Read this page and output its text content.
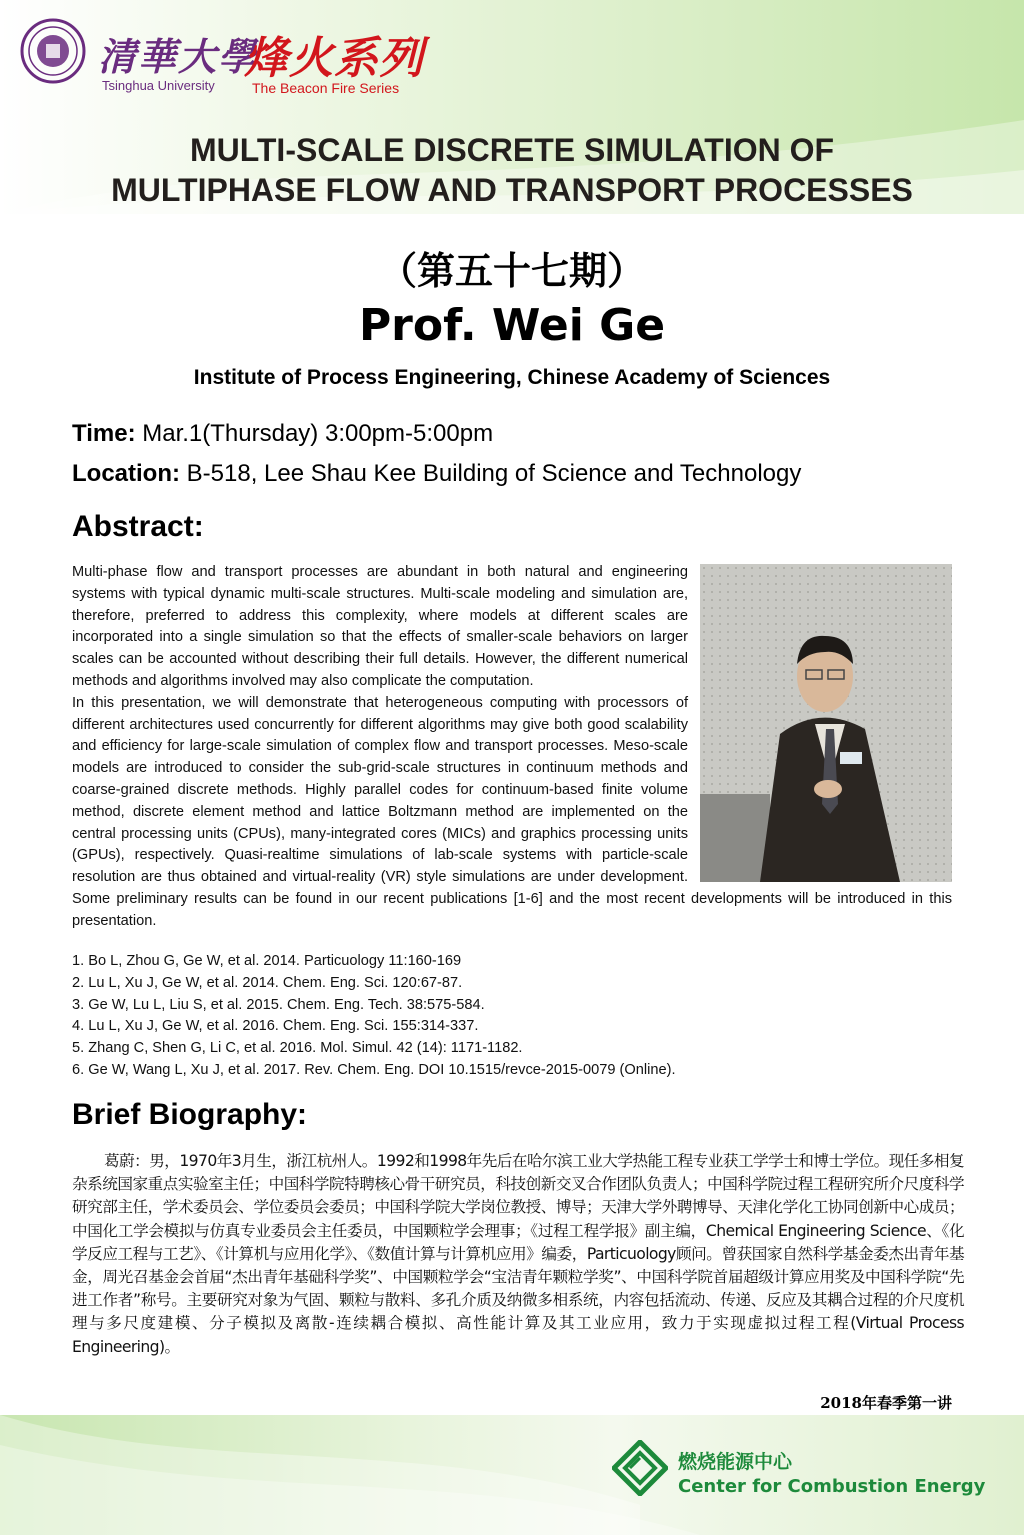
清華大學
Tsinghua University
烽火系列
The Beacon Fire Series
MULTI-SCALE DISCRETE SIMULATION OF
MULTIPHASE FLOW AND TRANSPORT PROCESSES
（第五十七期）
Prof. Wei Ge
Institute of Process Engineering, Chinese Academy of Sciences
Time: Mar.1(Thursday) 3:00pm-5:00pm
Location: B-518, Lee Shau Kee Building of Science and Technology
Abstract:

Multi-phase flow and transport processes are abundant in both natural and engineering systems with typical dynamic multi-scale structures. Multi-scale modeling and simulation are, therefore, preferred to address this complexity, where models at different scales are incorporated into a single simulation so that the effects of smaller-scale behaviors on larger scales can be accounted without describing their full details. However, the different numerical methods and algorithms involved may also complicate the computation.

In this presentation, we will demonstrate that heterogeneous computing with processors of different architectures used concurrently for different algorithms may give both good scalability and efficiency for large-scale simulation of complex flow and transport processes. Meso-scale models are introduced to consider the sub-grid-scale structures in continuum methods and coarse-grained discrete methods. Highly parallel codes for continuum-based finite volume method, discrete element method and lattice Boltzmann method are implemented on the central processing units (CPUs), many-integrated cores (MICs) and graphics processing units (GPUs), respectively. Quasi-realtime simulations of lab-scale systems with particle-scale resolution are thus obtained and virtual-reality (VR) style simulations are under development. Some preliminary results can be found in our recent publications [1-6] and the most recent developments will be introduced in this presentation.

1. Bo L, Zhou G, Ge W, et al. 2014. Particuology 11:160-169
2. Lu L, Xu J, Ge W, et al. 2014. Chem. Eng. Sci. 120:67-87.
3. Ge W, Lu L, Liu S, et al. 2015. Chem. Eng. Tech. 38:575-584.
4. Lu L, Xu J, Ge W, et al. 2016. Chem. Eng. Sci. 155:314-337.
5. Zhang C, Shen G, Li C, et al. 2016. Mol. Simul. 42 (14): 1171-1182.
6. Ge W, Wang L, Xu J, et al. 2017. Rev. Chem. Eng. DOI 10.1515/revce-2015-0079 (Online).
Brief Biography:
葛蔚：男，1970年3月生，浙江杭州人。1992和1998年先后在哈尔滨工业大学热能工程专业获工学学士和博士学位。现任多相复杂系统国家重点实验室主任；中国科学院特聘核心骨干研究员，科技创新交叉合作团队负责人；中国科学院过程工程研究所介尺度科学研究部主任，学术委员会、学位委员会委员；中国科学院大学岗位教授、博导；天津大学外聘博导、天津化学化工协同创新中心成员；中国化工学会模拟与仿真专业委员会主任委员，中国颗粒学会理事；《过程工程学报》副主编，Chemical Engineering Science、《化学反应工程与工艺》、《计算机与应用化学》、《数值计算与计算机应用》编委，Particuology顾问。曾获国家自然科学基金委杰出青年基金，周光召基金会首届“杰出青年基础科学奖”、中国颗粒学会“宝洁青年颗粒学奖”、中国科学院首届超级计算应用奖及中国科学院“先进工作者”称号。主要研究对象为气固、颗粒与散料、多孔介质及纳微多相系统，内容包括流动、传递、反应及其耦合过程的介尺度机理与多尺度建模、分子模拟及离散-连续耦合模拟、高性能计算及其工业应用，致力于实现虚拟过程工程(Virtual Process Engineering)。
2018年春季第一讲
燃烧能源中心
Center for Combustion Energy
